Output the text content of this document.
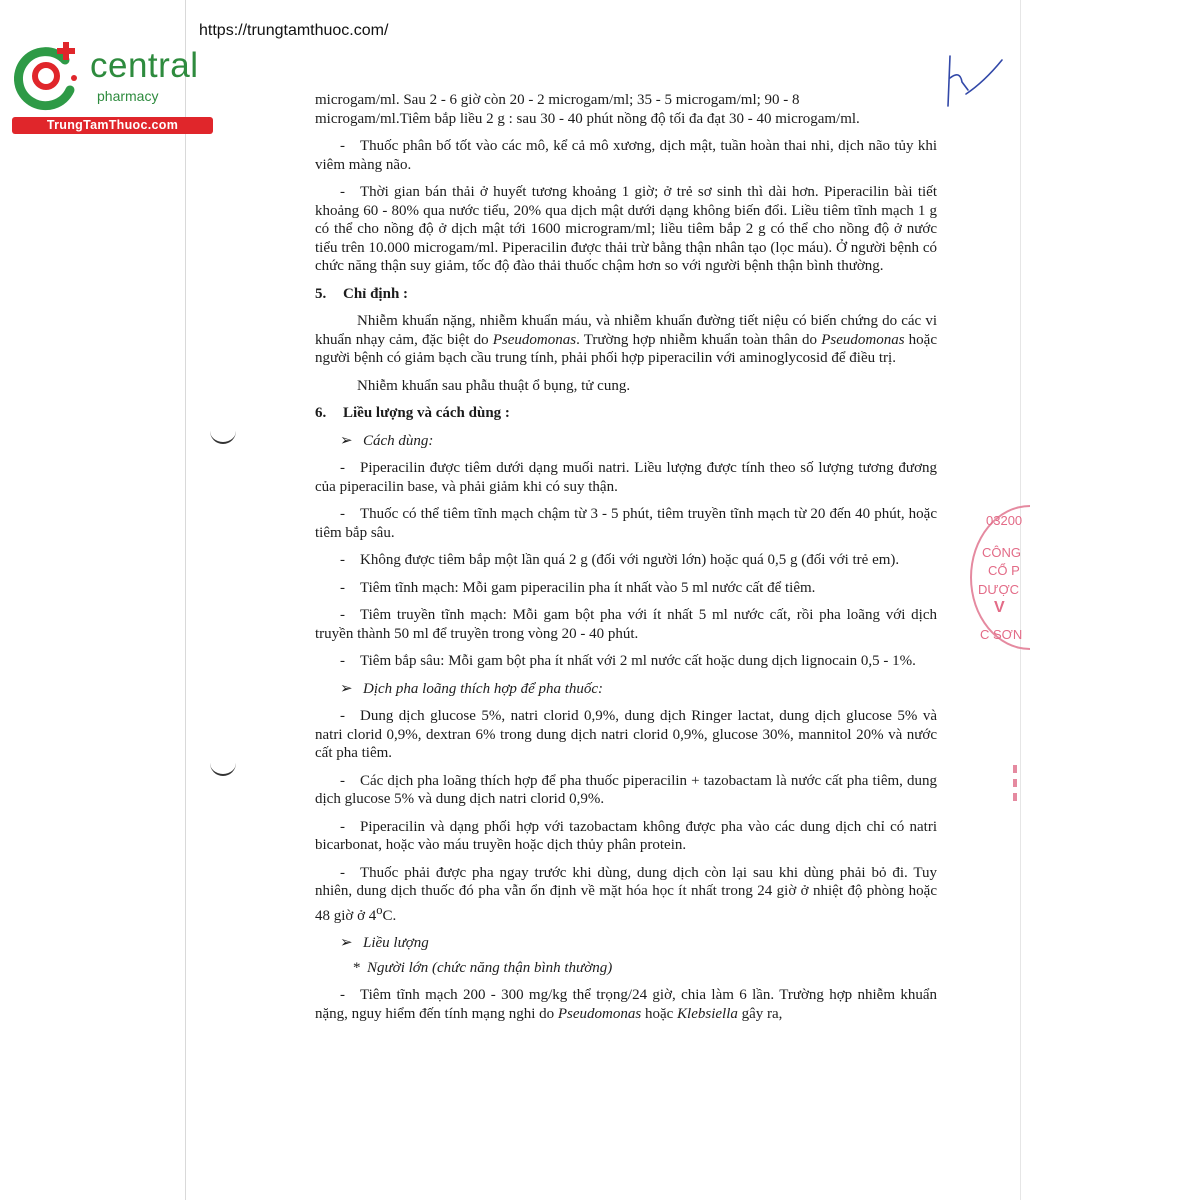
https://trungtamthuoc.com/
central
pharmacy
TrungTamThuoc.com
03200
CÔNG
CỔ P
DƯỢC
V
C SƠN

microgam/ml. Sau 2 - 6 giờ còn 20 - 2 microgam/ml; 35 - 5 microgam/ml; 90 - 8

microgam/ml.Tiêm bắp liều 2 g : sau 30 - 40 phút nồng độ tối đa đạt 30 - 40 microgam/ml.

- Thuốc phân bố tốt vào các mô, kể cả mô xương, dịch mật, tuần hoàn thai nhi, dịch não tủy khi viêm màng não.

- Thời gian bán thải ở huyết tương khoảng 1 giờ; ở trẻ sơ sinh thì dài hơn. Piperacilin bài tiết khoảng 60 - 80% qua nước tiểu, 20% qua dịch mật dưới dạng không biến đổi. Liều tiêm tĩnh mạch 1 g có thể cho nồng độ ở dịch mật tới 1600 microgram/ml; liều tiêm bắp 2 g có thể cho nồng độ ở nước tiểu trên 10.000 microgam/ml. Piperacilin được thải trừ bằng thận nhân tạo (lọc máu). Ở người bệnh có chức năng thận suy giảm, tốc độ đào thải thuốc chậm hơn so với người bệnh thận bình thường.

5. Chỉ định :

Nhiễm khuẩn nặng, nhiễm khuẩn máu, và nhiễm khuẩn đường tiết niệu có biến chứng do các vi khuẩn nhạy cảm, đặc biệt do Pseudomonas. Trường hợp nhiễm khuẩn toàn thân do Pseudomonas hoặc người bệnh có giảm bạch cầu trung tính, phải phối hợp piperacilin với aminoglycosid để điều trị.

Nhiễm khuẩn sau phẫu thuật ổ bụng, tử cung.

6. Liều lượng và cách dùng :

➢ Cách dùng:

- Piperacilin được tiêm dưới dạng muối natri. Liều lượng được tính theo số lượng tương đương của piperacilin base, và phải giảm khi có suy thận.

- Thuốc có thể tiêm tĩnh mạch chậm từ 3 - 5 phút, tiêm truyền tĩnh mạch từ 20 đến 40 phút, hoặc tiêm bắp sâu.

- Không được tiêm bắp một lần quá 2 g (đối với người lớn) hoặc quá 0,5 g (đối với trẻ em).

- Tiêm tĩnh mạch: Mỗi gam piperacilin pha ít nhất vào 5 ml nước cất để tiêm.

- Tiêm truyền tĩnh mạch: Mỗi gam bột pha với ít nhất 5 ml nước cất, rồi pha loãng với dịch truyền thành 50 ml để truyền trong vòng 20 - 40 phút.

- Tiêm bắp sâu: Mỗi gam bột pha ít nhất với 2 ml nước cất hoặc dung dịch lignocain 0,5 - 1%.

➢ Dịch pha loãng thích hợp để pha thuốc:

- Dung dịch glucose 5%, natri clorid 0,9%, dung dịch Ringer lactat, dung dịch glucose 5% và natri clorid 0,9%, dextran 6% trong dung dịch natri clorid 0,9%, glucose 30%, mannitol 20% và nước cất pha tiêm.

- Các dịch pha loãng thích hợp để pha thuốc piperacilin + tazobactam là nước cất pha tiêm, dung dịch glucose 5% và dung dịch natri clorid 0,9%.

- Piperacilin và dạng phối hợp với tazobactam không được pha vào các dung dịch chỉ có natri bicarbonat, hoặc vào máu truyền hoặc dịch thủy phân protein.

- Thuốc phải được pha ngay trước khi dùng, dung dịch còn lại sau khi dùng phải bỏ đi. Tuy nhiên, dung dịch thuốc đó pha vẫn ổn định về mặt hóa học ít nhất trong 24 giờ ở nhiệt độ phòng hoặc 48 giờ ở 4$^o$C.

➢ Liều lượng

* Người lớn (chức năng thận bình thường)

- Tiêm tĩnh mạch 200 - 300 mg/kg thể trọng/24 giờ, chia làm 6 lần. Trường hợp nhiễm khuẩn nặng, nguy hiểm đến tính mạng nghi do Pseudomonas hoặc Klebsiella gây ra,
